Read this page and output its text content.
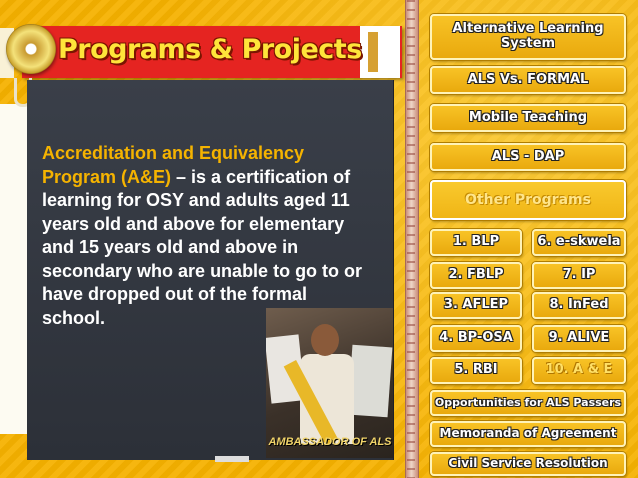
Programs & Projects
Accreditation and Equivalency Program (A&E) – is a certification of learning for OSY and adults aged 11 years old and above for elementary and 15 years old and above in secondary who are unable to go to or have dropped out of the formal school.
AMBASSADOR OF ALS
Alternative Learning System
ALS Vs. FORMAL
Mobile Teaching
ALS - DAP
Other Programs
1. BLP	6. e-skwela
2. FBLP	7. IP
3. AFLEP	8. InFed
4. BP-OSA	9. ALIVE
5. RBI	10. A & E
Opportunities for ALS Passers
Memoranda of Agreement
Civil Service Resolution
